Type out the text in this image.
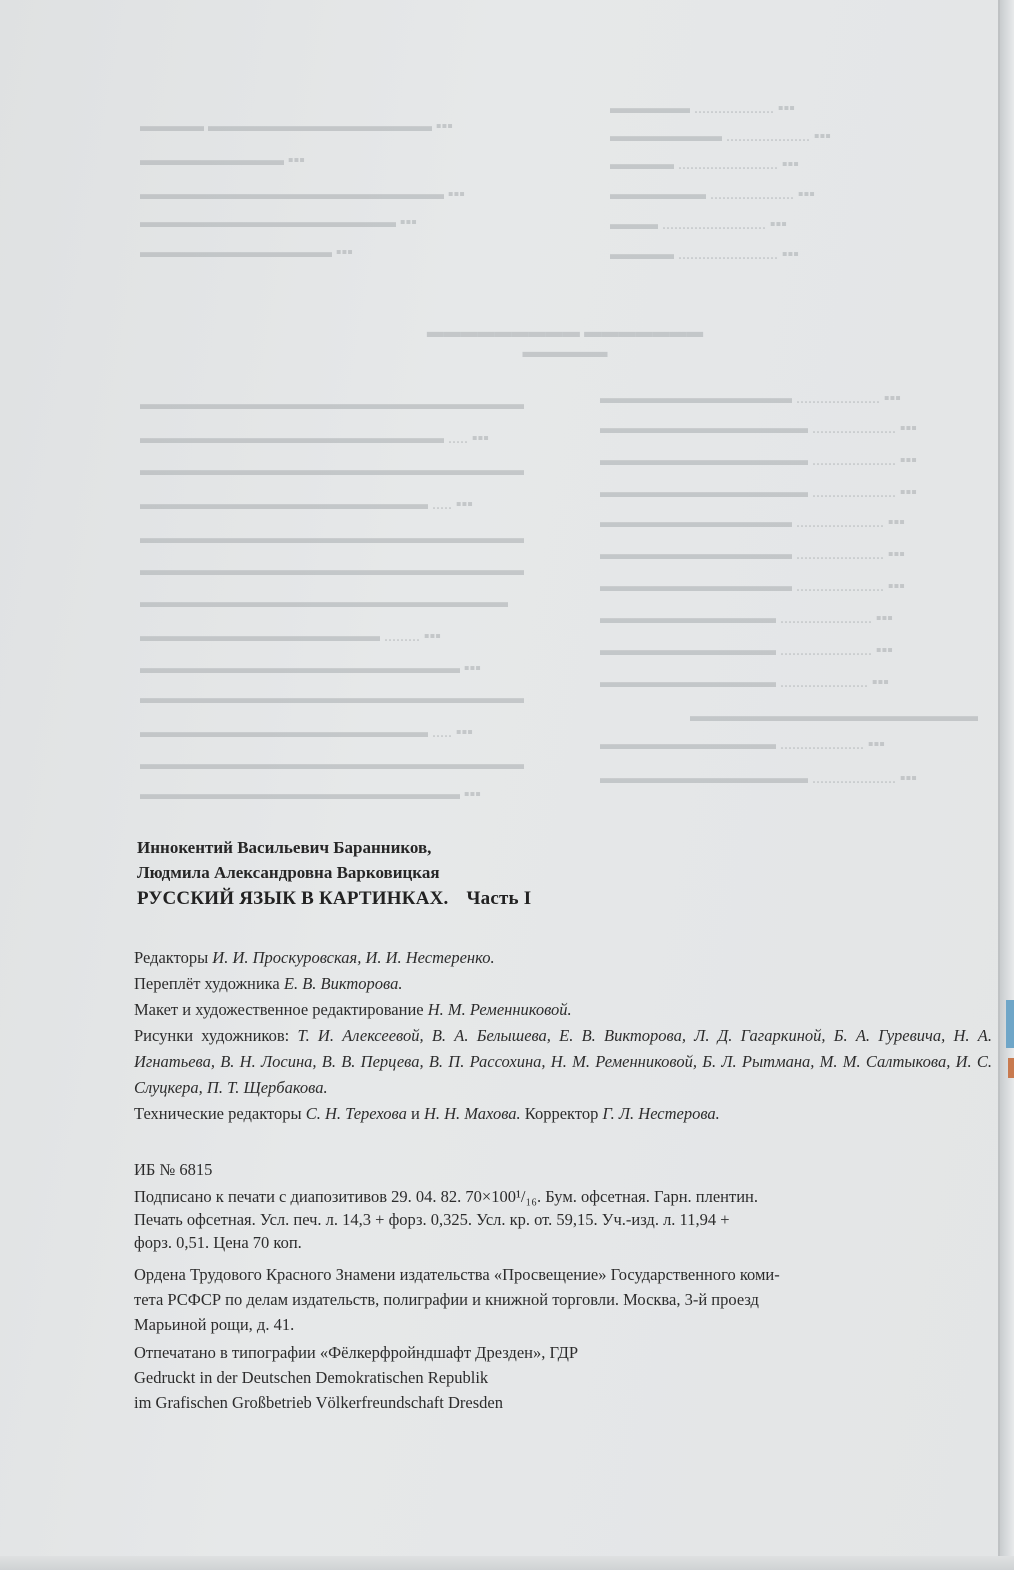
▬▬▬▬▬▬▬ ▬▬▬▬▬▬▬▬▬ ▬▬▬▬▬
▪▪▪ .................... ▬▬▬▬▬
▪▪▪ ..................... ▬▬▬▬▬▬▬
▪▪▪ ......................... ▬▬▬▬
▪▪▪ ..................... ▬▬▬▬▬▬
▪▪▪ .......................... ▬▬▬
▪▪▪ ......................... ▬▬▬▬
▪▪▪ ▬▬▬▬▬▬▬▬▬▬▬▬▬▬ ▬▬▬▬
▪▪▪ ▬▬▬▬▬▬▬▬▬
▪▪▪ ▬▬▬▬▬▬▬▬▬▬▬▬▬▬▬▬▬▬▬
▪▪▪ ▬▬▬▬▬▬▬▬▬▬▬▬▬▬▬▬
▪▪▪ ▬▬▬▬▬▬▬▬▬▬▬▬
▪▪▪ ..................... ▬▬▬▬▬▬▬▬▬▬▬▬
▪▪▪ ..................... ▬▬▬▬▬▬▬▬▬▬▬▬▬
▪▪▪ ..................... ▬▬▬▬▬▬▬▬▬▬▬▬▬
▪▪▪ ..................... ▬▬▬▬▬▬▬▬▬▬▬▬▬
▪▪▪ ...................... ▬▬▬▬▬▬▬▬▬▬▬▬
▪▪▪ ...................... ▬▬▬▬▬▬▬▬▬▬▬▬
▪▪▪ ...................... ▬▬▬▬▬▬▬▬▬▬▬▬
▪▪▪ ....................... ▬▬▬▬▬▬▬▬▬▬▬
▪▪▪ ....................... ▬▬▬▬▬▬▬▬▬▬▬
▪▪▪ ...................... ▬▬▬▬▬▬▬▬▬▬▬
▬▬▬▬▬▬▬▬▬▬▬▬▬▬▬▬▬▬
▪▪▪ ..................... ▬▬▬▬▬▬▬▬▬▬▬
▪▪▪ ..................... ▬▬▬▬▬▬▬▬▬▬▬▬▬
▬▬▬▬▬▬▬▬▬▬▬▬▬▬▬▬▬▬▬▬▬▬▬▬
▪▪▪ ..... ▬▬▬▬▬▬▬▬▬▬▬▬▬▬▬▬▬▬▬
▬▬▬▬▬▬▬▬▬▬▬▬▬▬▬▬▬▬▬▬▬▬▬▬
▪▪▪ ..... ▬▬▬▬▬▬▬▬▬▬▬▬▬▬▬▬▬▬
▬▬▬▬▬▬▬▬▬▬▬▬▬▬▬▬▬▬▬▬▬▬▬▬
▬▬▬▬▬▬▬▬▬▬▬▬▬▬▬▬▬▬▬▬▬▬▬▬
▬▬▬▬▬▬▬▬▬▬▬▬▬▬▬▬▬▬▬▬▬▬▬
▪▪▪ ......... ▬▬▬▬▬▬▬▬▬▬▬▬▬▬▬
▪▪▪ ▬▬▬▬▬▬▬▬▬▬▬▬▬▬▬▬▬▬▬▬
▬▬▬▬▬▬▬▬▬▬▬▬▬▬▬▬▬▬▬▬▬▬▬▬
▪▪▪ ..... ▬▬▬▬▬▬▬▬▬▬▬▬▬▬▬▬▬▬
▬▬▬▬▬▬▬▬▬▬▬▬▬▬▬▬▬▬▬▬▬▬▬▬
▪▪▪ ▬▬▬▬▬▬▬▬▬▬▬▬▬▬▬▬▬▬▬▬
Иннокентий Васильевич Баранников,
Людмила Александровна Варковицкая
РУССКИЙ ЯЗЫК В КАРТИНКАХ. Часть I

Редакторы И. И. Проскуровская, И. И. Нестеренко.

Переплёт художника Е. В. Викторова.

Макет и художественное редактирование Н. М. Ременниковой.

Рисунки художников: Т. И. Алексеевой, В. А. Белышева, Е. В. Викторова, Л. Д. Гагаркиной, Б. А. Гуревича, Н. А. Игнатьева, В. Н. Лосина, В. В. Перцева, В. П. Рассохина, Н. М. Ременниковой, Б. Л. Рытмана, М. М. Салтыкова, И. С. Слуцкера, П. Т. Щербакова.

Технические редакторы С. Н. Терехова и Н. Н. Махова. Корректор Г. Л. Нестерова.

ИБ № 6815

Подписано к печати с диапозитивов 29. 04. 82. 70×100¹/₁₆. Бум. офсетная. Гарн. плентин.

Печать офсетная. Усл. печ. л. 14,3 + форз. 0,325. Усл. кр. от. 59,15. Уч.-изд. л. 11,94 +

форз. 0,51. Цена 70 коп.

Ордена Трудового Красного Знамени издательства «Просвещение» Государственного коми-

тета РСФСР по делам издательств, полиграфии и книжной торговли. Москва, 3-й проезд

Марьиной рощи, д. 41.

Отпечатано в типографии «Фёлкерфройндшафт Дрезден», ГДР

Gedruckt in der Deutschen Demokratischen Republik

im Grafischen Großbetrieb Völkerfreundschaft Dresden
